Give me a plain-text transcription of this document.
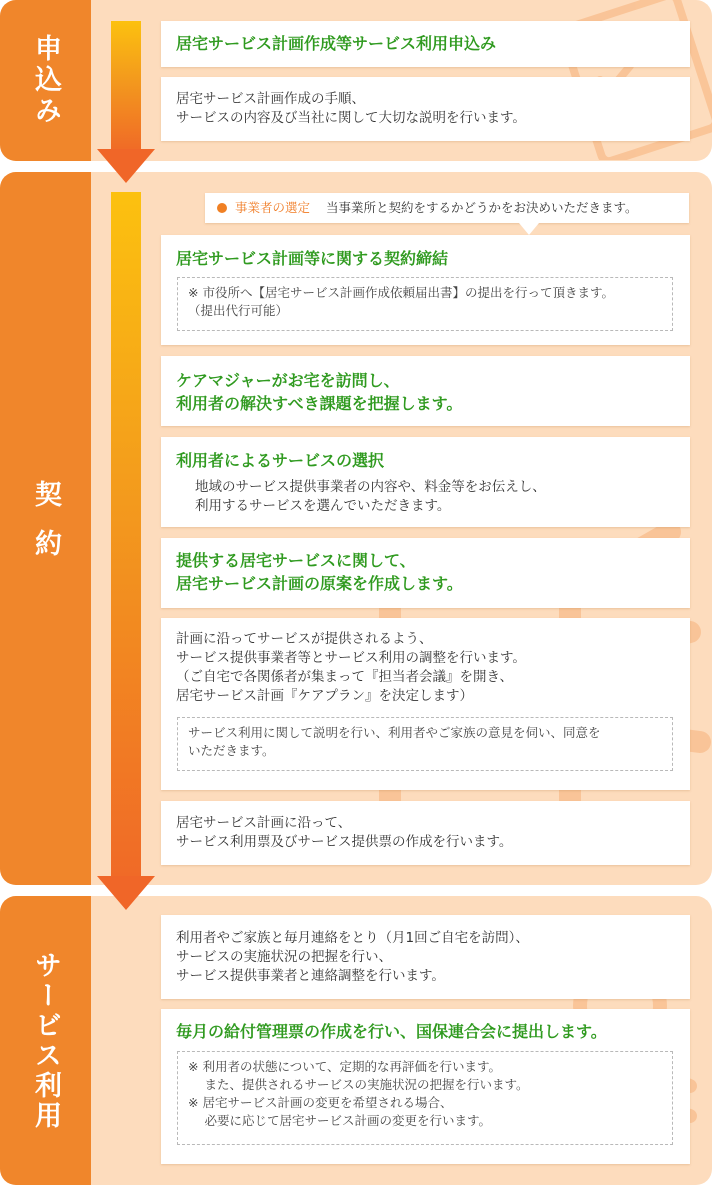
申込み
契約
サービス利用
居宅サービス計画作成等サービス利用申込み
居宅サービス計画作成の手順、
サービスの内容及び当社に関して大切な説明を行います。
事業者の選定 当事業所と契約をするかどうかをお決めいただきます。
居宅サービス計画等に関する契約締結
※ 市役所へ【居宅サービス計画作成依頼届出書】の提出を行って頂きます。
（提出代行可能）
ケアマジャーがお宅を訪問し、
利用者の解決すべき課題を把握します。
利用者によるサービスの選択
地域のサービス提供事業者の内容や、料金等をお伝えし、
利用するサービスを選んでいただきます。
提供する居宅サービスに関して、
居宅サービス計画の原案を作成します。
計画に沿ってサービスが提供されるよう、
サービス提供事業者等とサービス利用の調整を行います。
（ご自宅で各関係者が集まって『担当者会議』を開き、
居宅サービス計画『ケアプラン』を決定します）
サービス利用に関して説明を行い、利用者やご家族の意見を伺い、同意を
いただきます。
居宅サービス計画に沿って、
サービス利用票及びサービス提供票の作成を行います。
利用者やご家族と毎月連絡をとり（月1回ご自宅を訪問）、
サービスの実施状況の把握を行い、
サービス提供事業者と連絡調整を行います。
毎月の給付管理票の作成を行い、国保連合会に提出します。
※ 利用者の状態について、定期的な再評価を行います。
　 また、提供されるサービスの実施状況の把握を行います。
※ 居宅サービス計画の変更を希望される場合、
　 必要に応じて居宅サービス計画の変更を行います。
